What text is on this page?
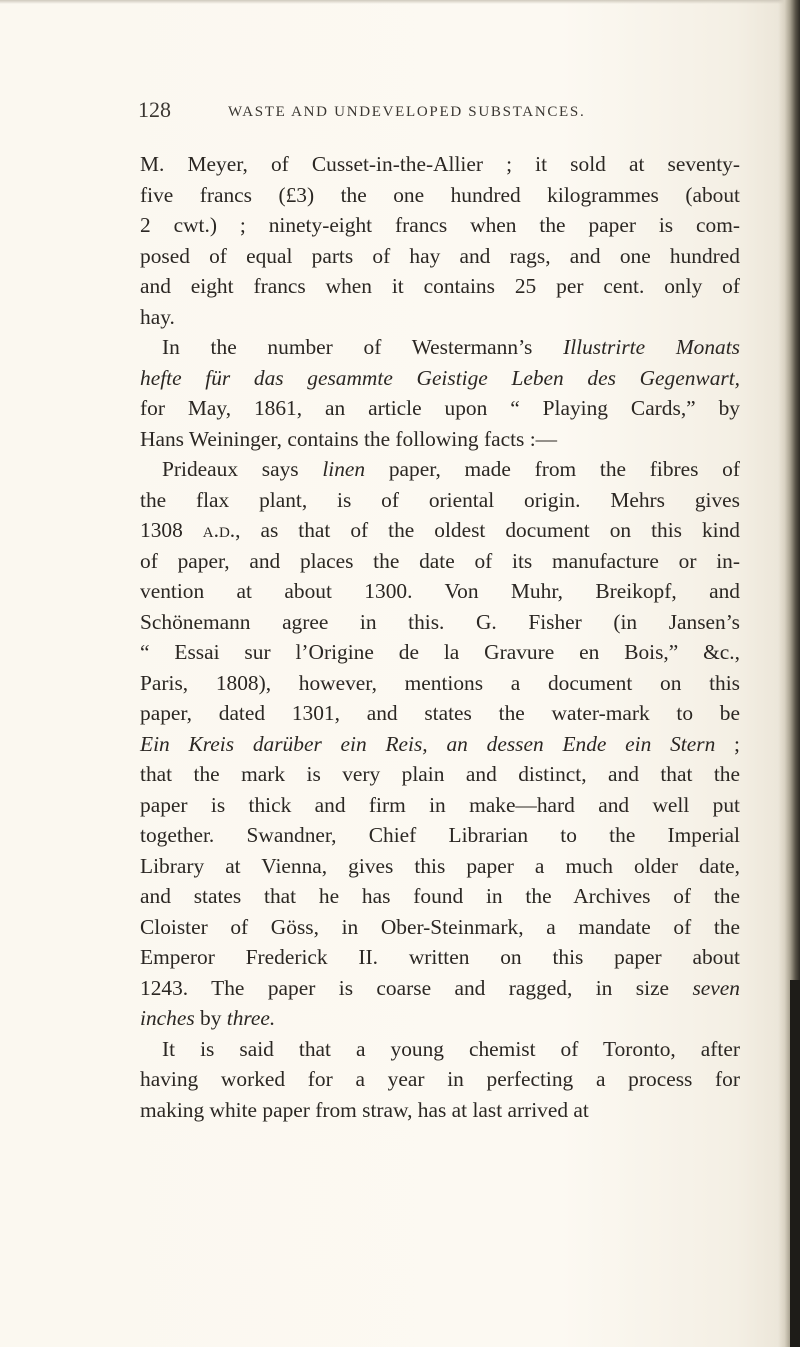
128	WASTE AND UNDEVELOPED SUBSTANCES.
M. Meyer, of Cusset-in-the-Allier ; it sold at seventy-
five francs (£3) the one hundred kilogrammes (about
2 cwt.) ; ninety-eight francs when the paper is com-
posed of equal parts of hay and rags, and one hundred
and eight francs when it contains 25 per cent. only of
hay.
In the number of Westermann’s Illustrirte Monats
hefte für das gesammte Geistige Leben des Gegenwart,
for May, 1861, an article upon “ Playing Cards,” by
Hans Weininger, contains the following facts :—
Prideaux says linen paper, made from the fibres of
the flax plant, is of oriental origin. Mehrs gives
1308 a.d., as that of the oldest document on this kind
of paper, and places the date of its manufacture or in-
vention at about 1300. Von Muhr, Breikopf, and
Schönemann agree in this. G. Fisher (in Jansen’s
“ Essai sur l’Origine de la Gravure en Bois,” &c.,
Paris, 1808), however, mentions a document on this
paper, dated 1301, and states the water-mark to be
Ein Kreis darüber ein Reis, an dessen Ende ein Stern ;
that the mark is very plain and distinct, and that the
paper is thick and firm in make—hard and well put
together. Swandner, Chief Librarian to the Imperial
Library at Vienna, gives this paper a much older date,
and states that he has found in the Archives of the
Cloister of Göss, in Ober-Steinmark, a mandate of the
Emperor Frederick II. written on this paper about
1243. The paper is coarse and ragged, in size seven
inches by three.
It is said that a young chemist of Toronto, after
having worked for a year in perfecting a process for
making white paper from straw, has at last arrived at
